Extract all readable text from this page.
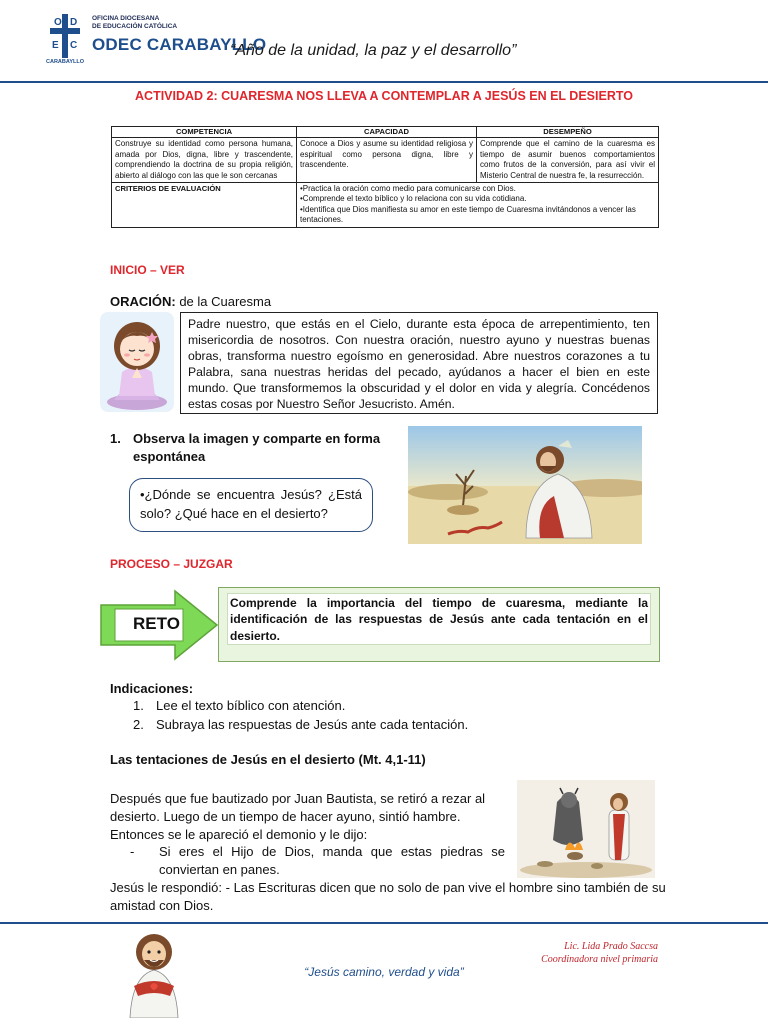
O D
E C
OFICINA DIOCESANA
DE EDUCACIÓN CATÓLICA
ODEC CARABAYLLO
CARABAYLLO
“Año de la unidad, la paz y el desarrollo”
ACTIVIDAD 2: CUARESMA NOS LLEVA A CONTEMPLAR A JESÚS EN EL DESIERTO
COMPETENCIA	CAPACIDAD	DESEMPEÑO
Construye su identidad como persona humana, amada por Dios, digna, libre y trascendente, comprendiendo la doctrina de su propia religión, abierto al diálogo con las que le son cercanas	Conoce a Dios y asume su identidad religiosa y espiritual como persona digna, libre y trascendente.	Comprende que el camino de la cuaresma es tiempo de asumir buenos comportamientos como frutos de la conversión, para así vivir el Misterio Central de nuestra fe, la resurrección.
CRITERIOS DE EVALUACIÓN	•Practica la oración como medio para comunicarse con Dios.
•Comprende el texto bíblico y lo relaciona con su vida cotidiana.
•Identifica que Dios manifiesta su amor en este tiempo de Cuaresma invitándonos a vencer las tentaciones.	
INICIO – VER
ORACIÓN: de la Cuaresma
Padre nuestro, que estás en el Cielo, durante esta época de arrepentimiento, ten misericordia de nosotros. Con nuestra oración, nuestro ayuno y nuestras buenas obras, transforma nuestro egoísmo en generosidad. Abre nuestros corazones a tu Palabra, sana nuestras heridas del pecado, ayúdanos a hacer el bien en este mundo. Que transformemos la obscuridad y el dolor en vida y alegría. Concédenos estas cosas por Nuestro Señor Jesucristo. Amén.
1. Observa la imagen y comparte en forma espontánea
•¿Dónde se encuentra Jesús? ¿Está solo? ¿Qué hace en el desierto?
PROCESO – JUZGAR
RETO
Comprende la importancia del tiempo de cuaresma, mediante la identificación de las respuestas de Jesús ante cada tentación en el desierto.
Indicaciones:
1. Lee el texto bíblico con atención.
2. Subraya las respuestas de Jesús ante cada tentación.
Las tentaciones de Jesús en el desierto (Mt. 4,1-11)
Después que fue bautizado por Juan Bautista, se retiró a rezar al desierto. Luego de un tiempo de hacer ayuno, sintió hambre. Entonces se le apareció el demonio y le dijo:
- Si eres el Hijo de Dios, manda que estas piedras se conviertan en panes.
Jesús le respondió: - Las Escrituras dicen que no solo de pan vive el hombre sino también de su amistad con Dios.
Lic. Lida Prado Saccsa
Coordinadora nivel primaria
“Jesús camino, verdad y vida”
